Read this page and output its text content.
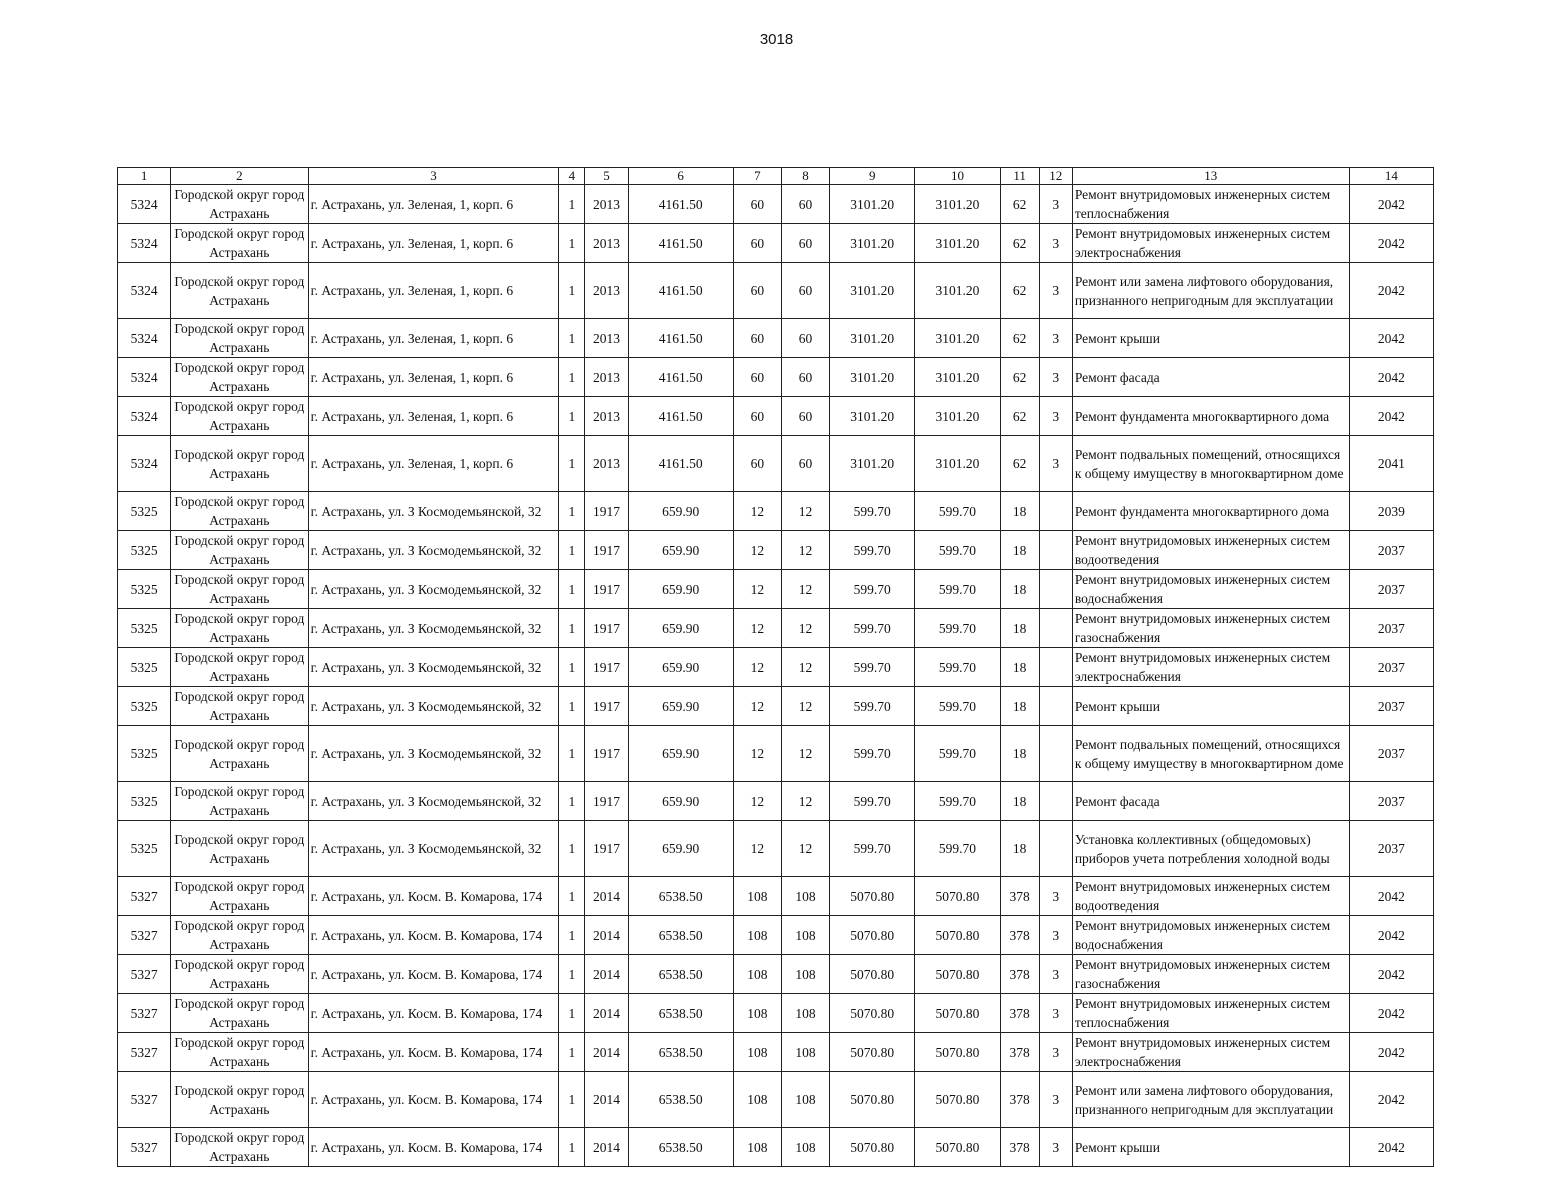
3018
1	2	3	4	5	6	7	8	9	10	11	12	13	14
5324	Городской округ город Астрахань	г. Астрахань, ул. Зеленая, 1, корп. 6	1	2013	4161.50	60	60	3101.20	3101.20	62	3	Ремонт внутридомовых инженерных систем теплоснабжения	2042
5324	Городской округ город Астрахань	г. Астрахань, ул. Зеленая, 1, корп. 6	1	2013	4161.50	60	60	3101.20	3101.20	62	3	Ремонт внутридомовых инженерных систем электроснабжения	2042
5324	Городской округ город Астрахань	г. Астрахань, ул. Зеленая, 1, корп. 6	1	2013	4161.50	60	60	3101.20	3101.20	62	3	Ремонт или замена лифтового оборудования, признанного непригодным для эксплуатации	2042
5324	Городской округ город Астрахань	г. Астрахань, ул. Зеленая, 1, корп. 6	1	2013	4161.50	60	60	3101.20	3101.20	62	3	Ремонт крыши	2042
5324	Городской округ город Астрахань	г. Астрахань, ул. Зеленая, 1, корп. 6	1	2013	4161.50	60	60	3101.20	3101.20	62	3	Ремонт фасада	2042
5324	Городской округ город Астрахань	г. Астрахань, ул. Зеленая, 1, корп. 6	1	2013	4161.50	60	60	3101.20	3101.20	62	3	Ремонт фундамента многоквартирного дома	2042
5324	Городской округ город Астрахань	г. Астрахань, ул. Зеленая, 1, корп. 6	1	2013	4161.50	60	60	3101.20	3101.20	62	3	Ремонт подвальных помещений, относящихся к общему имуществу в многоквартирном доме	2041
5325	Городской округ город Астрахань	г. Астрахань, ул. З Космодемьянской, 32	1	1917	659.90	12	12	599.70	599.70	18		Ремонт фундамента многоквартирного дома	2039
5325	Городской округ город Астрахань	г. Астрахань, ул. З Космодемьянской, 32	1	1917	659.90	12	12	599.70	599.70	18		Ремонт внутридомовых инженерных систем водоотведения	2037
5325	Городской округ город Астрахань	г. Астрахань, ул. З Космодемьянской, 32	1	1917	659.90	12	12	599.70	599.70	18		Ремонт внутридомовых инженерных систем водоснабжения	2037
5325	Городской округ город Астрахань	г. Астрахань, ул. З Космодемьянской, 32	1	1917	659.90	12	12	599.70	599.70	18		Ремонт внутридомовых инженерных систем газоснабжения	2037
5325	Городской округ город Астрахань	г. Астрахань, ул. З Космодемьянской, 32	1	1917	659.90	12	12	599.70	599.70	18		Ремонт внутридомовых инженерных систем электроснабжения	2037
5325	Городской округ город Астрахань	г. Астрахань, ул. З Космодемьянской, 32	1	1917	659.90	12	12	599.70	599.70	18		Ремонт крыши	2037
5325	Городской округ город Астрахань	г. Астрахань, ул. З Космодемьянской, 32	1	1917	659.90	12	12	599.70	599.70	18		Ремонт подвальных помещений, относящихся к общему имуществу в многоквартирном доме	2037
5325	Городской округ город Астрахань	г. Астрахань, ул. З Космодемьянской, 32	1	1917	659.90	12	12	599.70	599.70	18		Ремонт фасада	2037
5325	Городской округ город Астрахань	г. Астрахань, ул. З Космодемьянской, 32	1	1917	659.90	12	12	599.70	599.70	18		Установка коллективных (общедомовых) приборов учета потребления холодной воды	2037
5327	Городской округ город Астрахань	г. Астрахань, ул. Косм. В. Комарова, 174	1	2014	6538.50	108	108	5070.80	5070.80	378	3	Ремонт внутридомовых инженерных систем водоотведения	2042
5327	Городской округ город Астрахань	г. Астрахань, ул. Косм. В. Комарова, 174	1	2014	6538.50	108	108	5070.80	5070.80	378	3	Ремонт внутридомовых инженерных систем водоснабжения	2042
5327	Городской округ город Астрахань	г. Астрахань, ул. Косм. В. Комарова, 174	1	2014	6538.50	108	108	5070.80	5070.80	378	3	Ремонт внутридомовых инженерных систем газоснабжения	2042
5327	Городской округ город Астрахань	г. Астрахань, ул. Косм. В. Комарова, 174	1	2014	6538.50	108	108	5070.80	5070.80	378	3	Ремонт внутридомовых инженерных систем теплоснабжения	2042
5327	Городской округ город Астрахань	г. Астрахань, ул. Косм. В. Комарова, 174	1	2014	6538.50	108	108	5070.80	5070.80	378	3	Ремонт внутридомовых инженерных систем электроснабжения	2042
5327	Городской округ город Астрахань	г. Астрахань, ул. Косм. В. Комарова, 174	1	2014	6538.50	108	108	5070.80	5070.80	378	3	Ремонт или замена лифтового оборудования, признанного непригодным для эксплуатации	2042
5327	Городской округ город Астрахань	г. Астрахань, ул. Косм. В. Комарова, 174	1	2014	6538.50	108	108	5070.80	5070.80	378	3	Ремонт крыши	2042
